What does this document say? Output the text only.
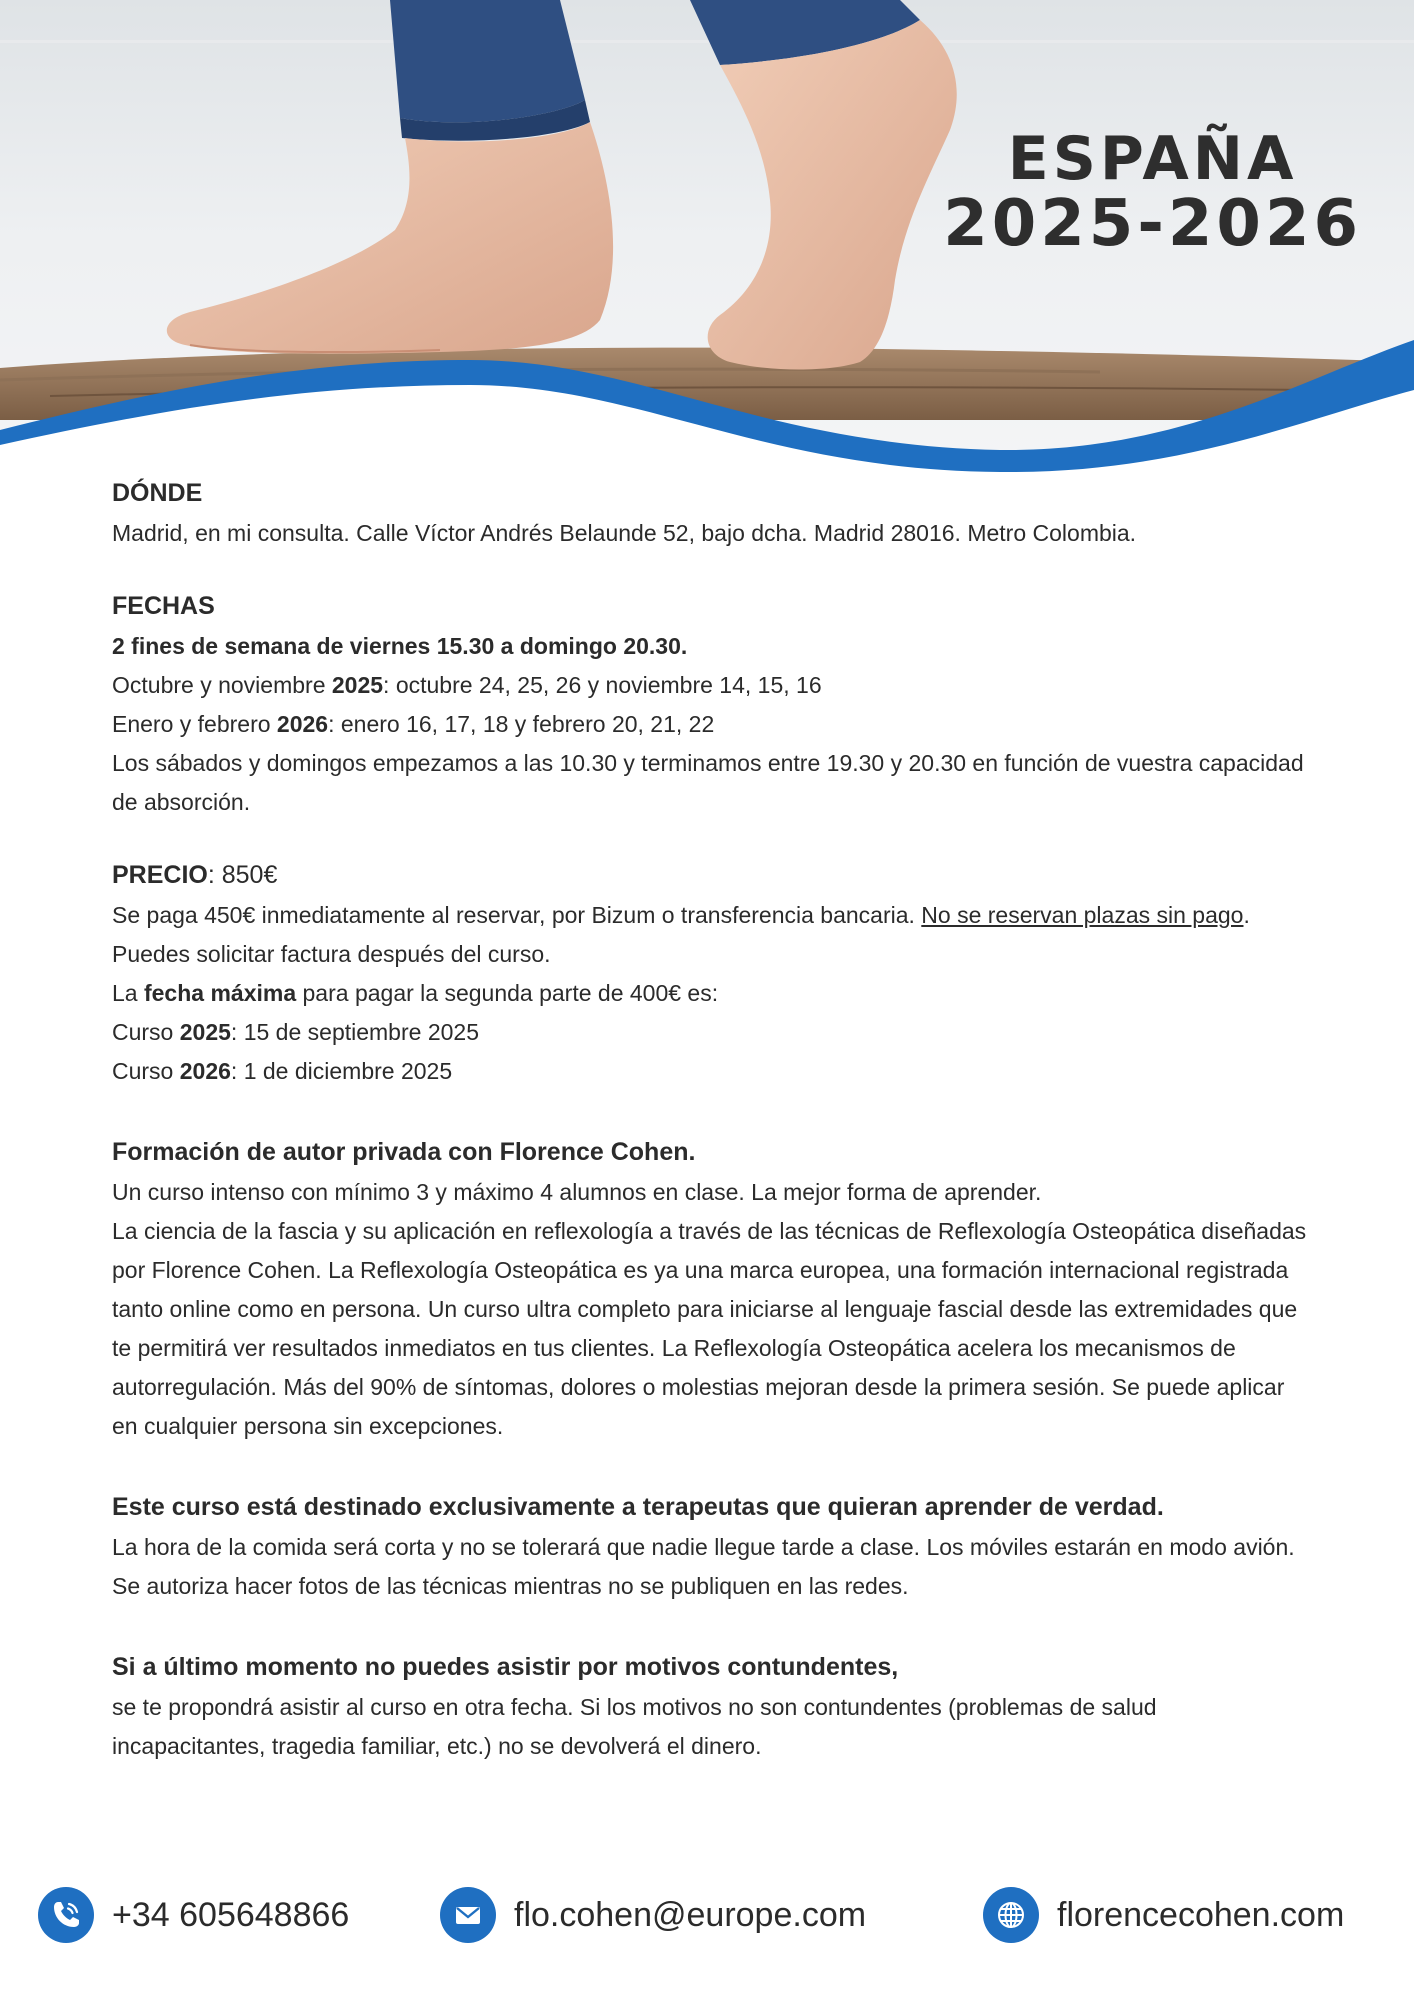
ESPAÑA
2025-2026
DÓNDE
Madrid, en mi consulta. Calle Víctor Andrés Belaunde 52, bajo dcha. Madrid 28016. Metro Colombia.
FECHAS
2 fines de semana de viernes 15.30 a domingo 20.30.
Octubre y noviembre 2025: octubre 24, 25, 26 y noviembre 14, 15, 16
Enero y febrero 2026: enero 16, 17, 18 y febrero 20, 21, 22
Los sábados y domingos empezamos a las 10.30 y terminamos entre 19.30 y 20.30 en función de vuestra capacidad de absorción.
PRECIO: 850€
Se paga 450€ inmediatamente al reservar, por Bizum o transferencia bancaria. No se reservan plazas sin pago. Puedes solicitar factura después del curso.
La fecha máxima para pagar la segunda parte de 400€ es:
Curso 2025: 15 de septiembre 2025
Curso 2026: 1 de diciembre 2025
Formación de autor privada con Florence Cohen.
Un curso intenso con mínimo 3 y máximo 4 alumnos en clase. La mejor forma de aprender.
La ciencia de la fascia y su aplicación en reflexología a través de las técnicas de Reflexología Osteopática diseñadas por Florence Cohen. La Reflexología Osteopática es ya una marca europea, una formación internacional registrada tanto online como en persona. Un curso ultra completo para iniciarse al lenguaje fascial desde las extremidades que te permitirá ver resultados inmediatos en tus clientes. La Reflexología Osteopática acelera los mecanismos de autorregulación. Más del 90% de síntomas, dolores o molestias mejoran desde la primera sesión. Se puede aplicar en cualquier persona sin excepciones.
Este curso está destinado exclusivamente a terapeutas que quieran aprender de verdad.
La hora de la comida será corta y no se tolerará que nadie llegue tarde a clase. Los móviles estarán en modo avión. Se autoriza hacer fotos de las técnicas mientras no se publiquen en las redes.
Si a último momento no puedes asistir por motivos contundentes,
se te propondrá asistir al curso en otra fecha. Si los motivos no son contundentes (problemas de salud incapacitantes, tragedia familiar, etc.) no se devolverá el dinero.
+34 605648866	flo.cohen@europe.com	florencecohen.com
